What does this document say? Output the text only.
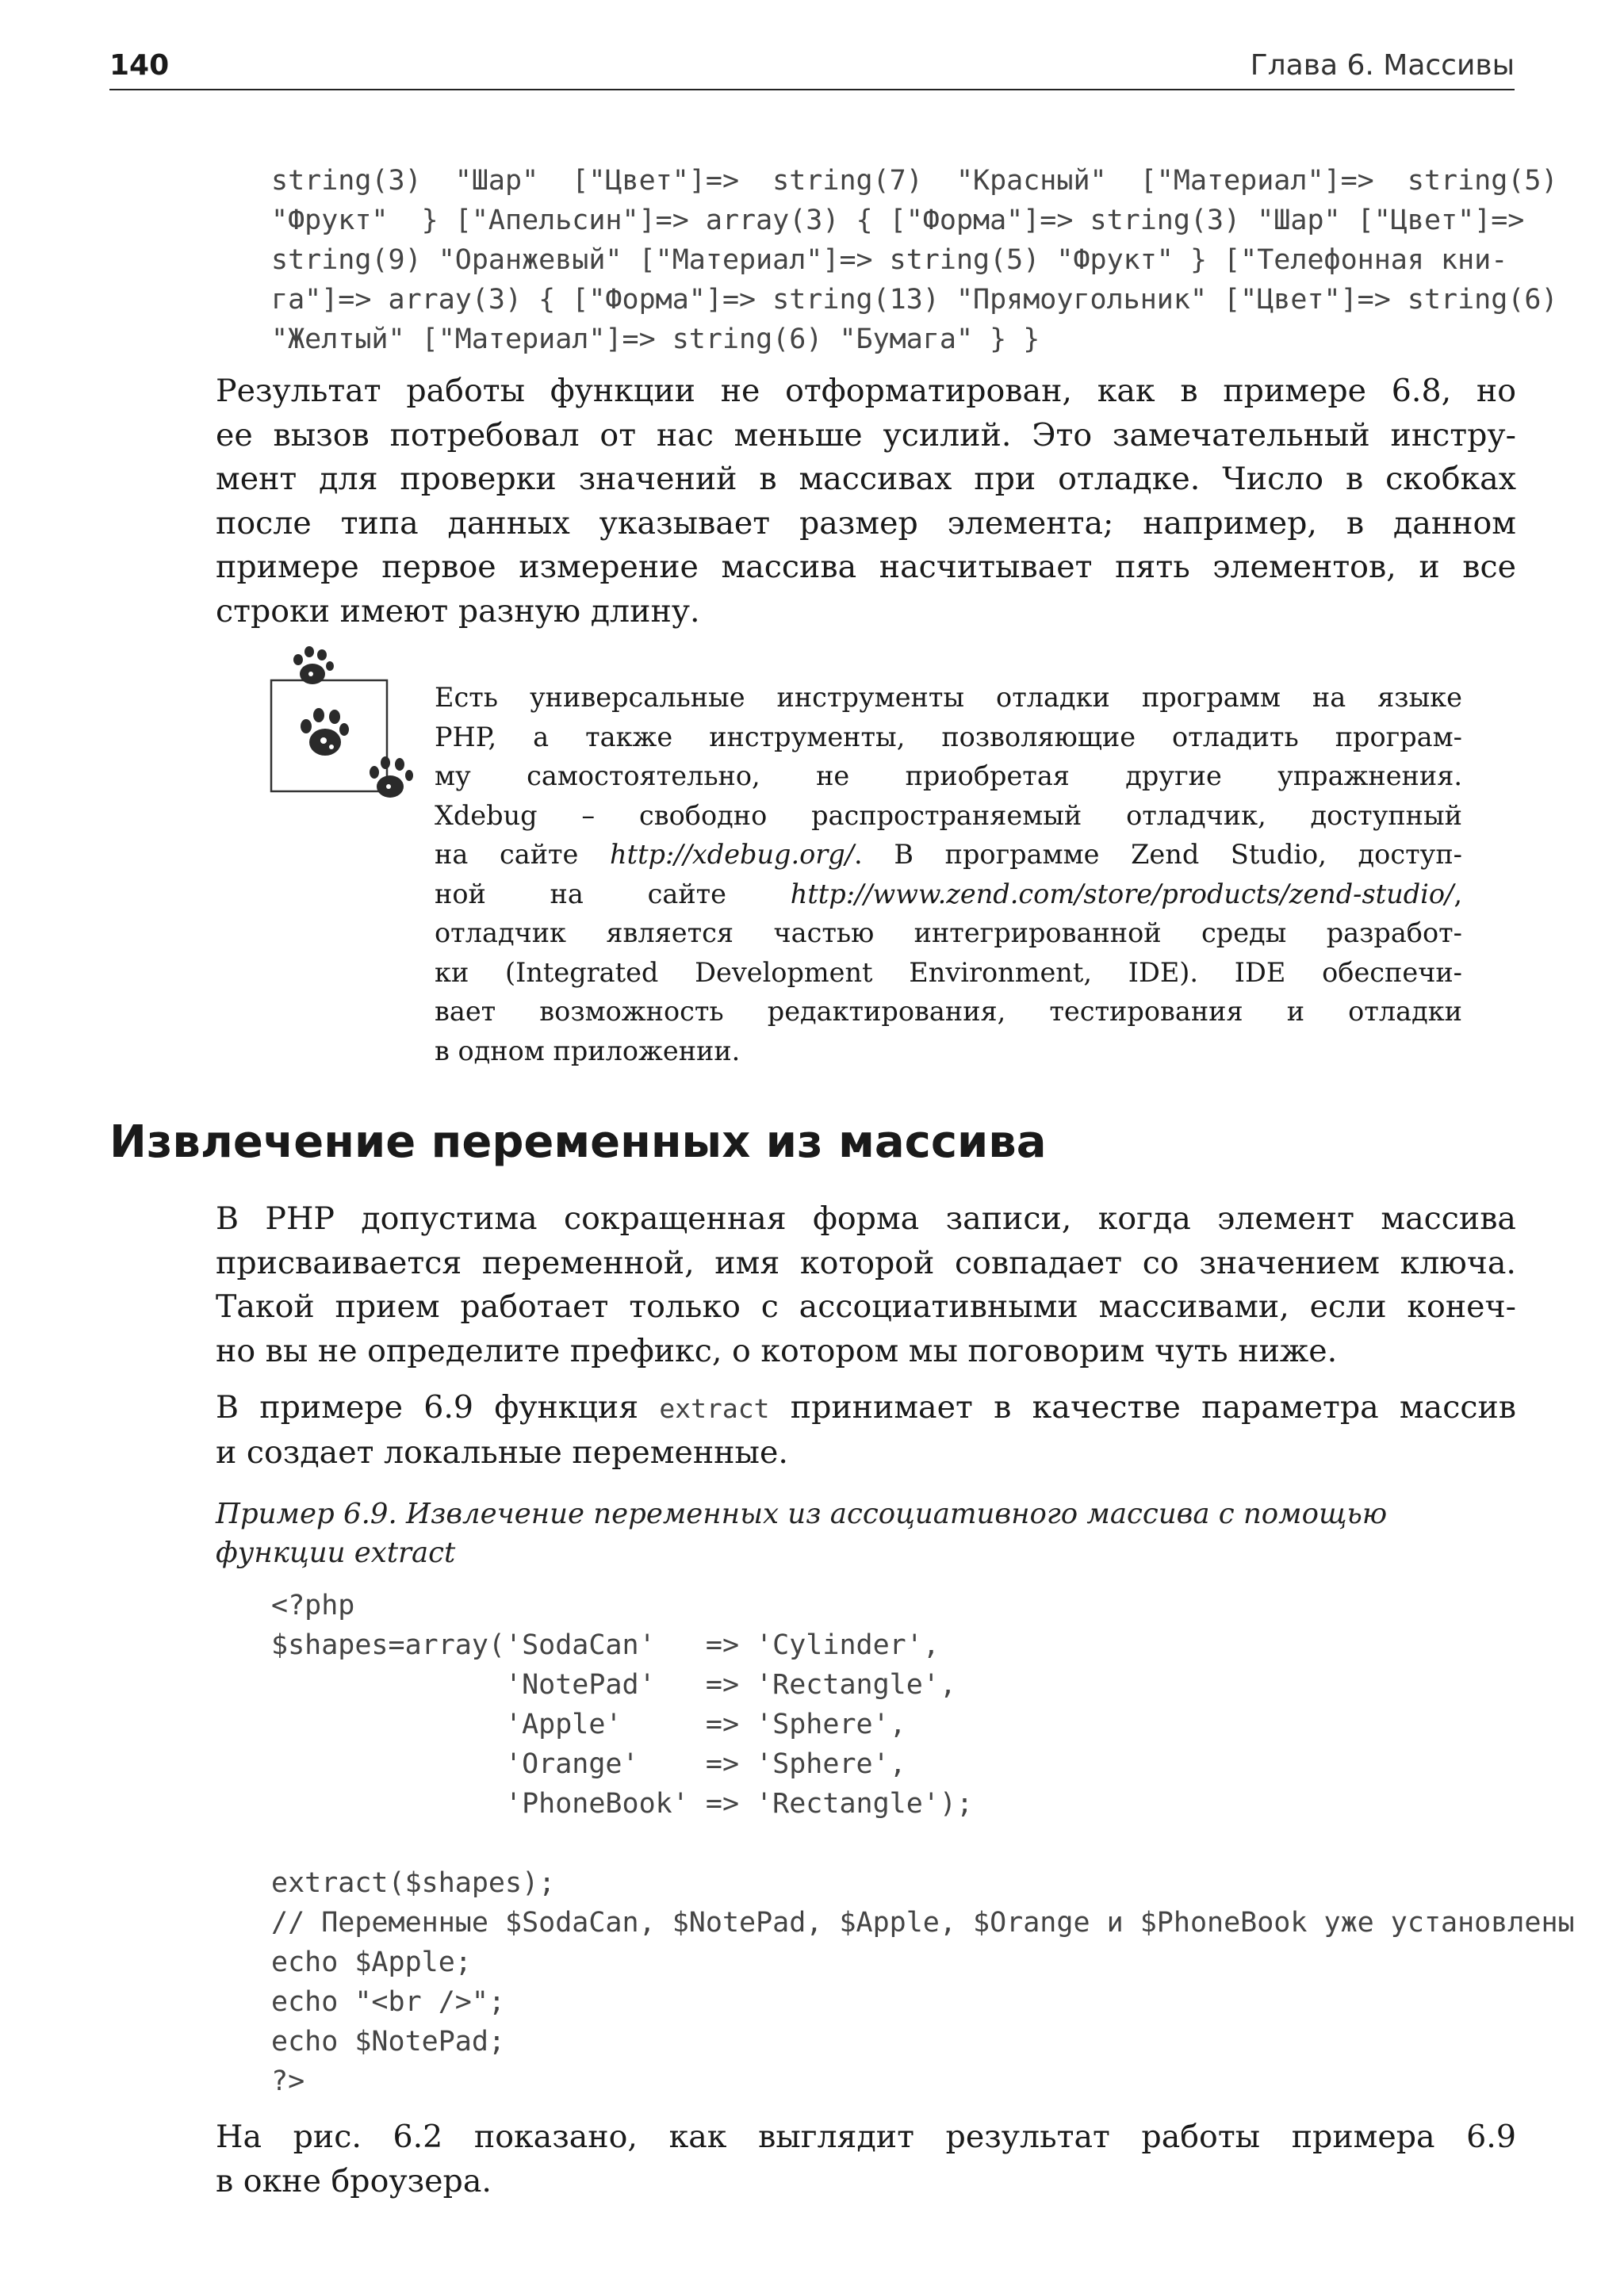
140	Глава 6. Массивы
string(3)  "Шар"  ["Цвет"]=>  string(7)  "Красный"  ["Материал"]=>  string(5)
"Фрукт"  } ["Апельсин"]=> array(3) { ["Форма"]=> string(3) "Шар" ["Цвет"]=>
string(9) "Оранжевый" ["Материал"]=> string(5) "Фрукт" } ["Телефонная кни-
га"]=> array(3) { ["Форма"]=> string(13) "Прямоугольник" ["Цвет"]=> string(6)
"Желтый" ["Материал"]=> string(6) "Бумага" } }

Результат работы функции не отформатирован, как в примере 6.8, но
ее вызов потребовал от нас меньше усилий. Это замечательный инстру-
мент для проверки значений в массивах при отладке. Число в скобках
после типа данных указывает размер элемента; например, в данном
примере первое измерение массива насчитывает пять элементов, и все
строки имеют разную длину.

Есть универсальные инструменты отладки программ на языке
PHP, а также инструменты, позволяющие отладить програм-
му самостоятельно, не приобретая другие упражнения.
Xdebug – свободно распространяемый отладчик, доступный
на сайте http://xdebug.org/. В программе Zend Studio, доступ-
ной на сайте http://www.zend.com/store/products/zend-studio/,
отладчик является частью интегрированной среды разработ-
ки (Integrated Development Environment, IDE). IDE обеспечи-
вает возможность редактирования, тестирования и отладки
в одном приложении.
Извлечение переменных из массива

В PHP допустима сокращенная форма записи, когда элемент массива
присваивается переменной, имя которой совпадает со значением ключа.
Такой прием работает только с ассоциативными массивами, если конеч-
но вы не определите префикс, о котором мы поговорим чуть ниже.

В примере 6.9 функция extract принимает в качестве параметра массив
и создает локальные переменные.

Пример 6.9. Извлечение переменных из ассоциативного массива с помощью
функции extract

<?php
$shapes=array('SodaCan'   => 'Cylinder',
'NotePad'   => 'Rectangle',
'Apple'     => 'Sphere',
'Orange'    => 'Sphere',
'PhoneBook' => 'Rectangle');

extract($shapes);
// Переменные $SodaCan, $NotePad, $Apple, $Orange и $PhoneBook уже установлены
echo $Apple;
echo "<br />";
echo $NotePad;
?>

На рис. 6.2 показано, как выглядит результат работы примера 6.9
в окне броузера.
